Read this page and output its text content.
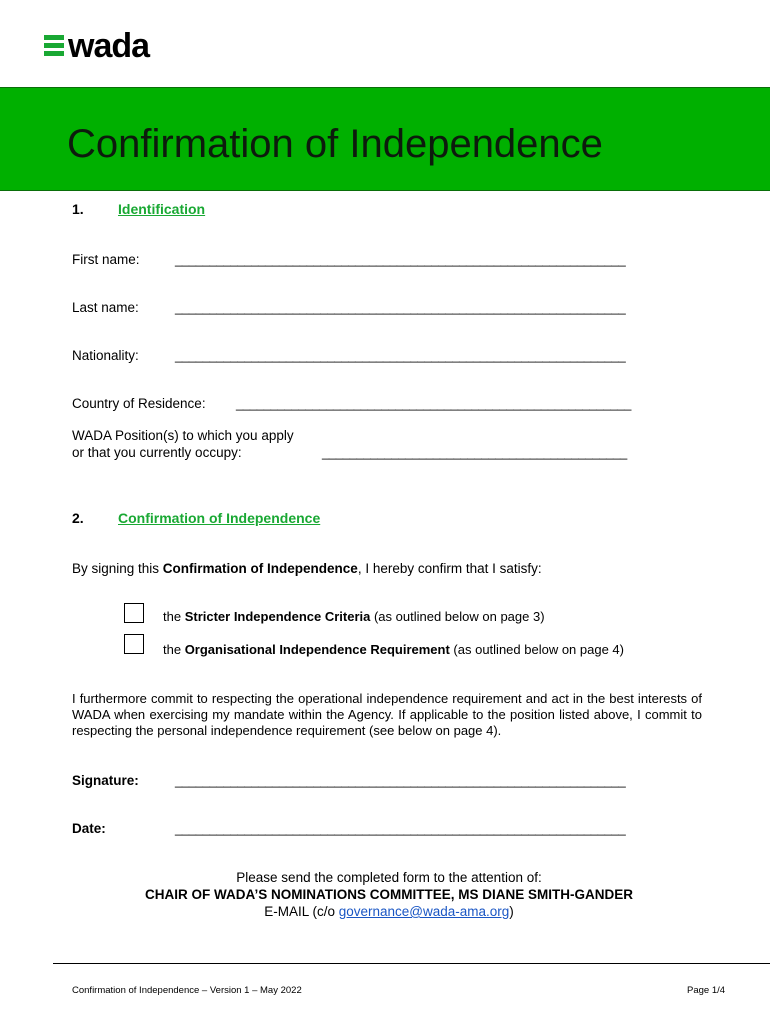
wada
Confirmation of Independence
1. Identification
First name:	_________________________________________________________________
Last name:	_________________________________________________________________
Nationality:	_________________________________________________________________
Country of Residence: _________________________________________________________
WADA Position(s) to which you apply
or that you currently occupy:	____________________________________________
2. Confirmation of Independence
By signing this Confirmation of Independence, I hereby confirm that I satisfy:
the Stricter Independence Criteria (as outlined below on page 3)
the Organisational Independence Requirement (as outlined below on page 4)
I furthermore commit to respecting the operational independence requirement and act in the best interests of WADA when exercising my mandate within the Agency. If applicable to the position listed above, I commit to respecting the personal independence requirement (see below on page 4).
Signature:	_________________________________________________________________
Date:	_________________________________________________________________
Please send the completed form to the attention of:
CHAIR OF WADA’S NOMINATIONS COMMITTEE, MS DIANE SMITH-GANDER
E-MAIL (c/o governance@wada-ama.org)
Confirmation of Independence – Version 1 – May 2022	Page 1/4
